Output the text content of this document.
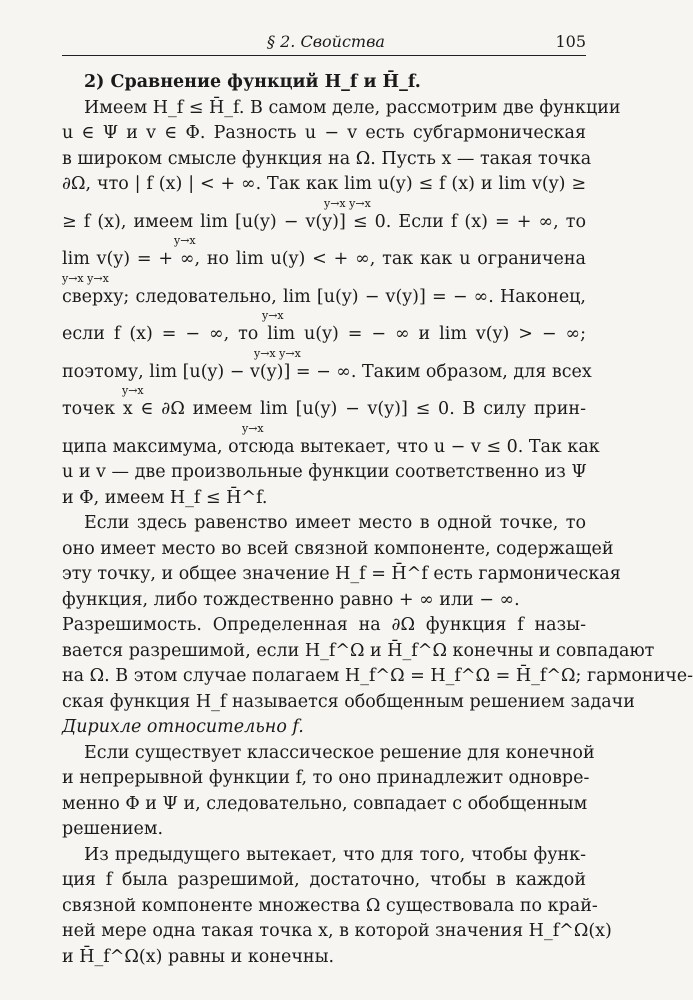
§ 2. Свойства	105
2) Сравнение функций H_f и H̄_f.
Имеем H_f ≤ H̄_f. В самом деле, рассмотрим две функции
u ∈ Ψ и v ∈ Φ. Разность u − v есть субгармоническая
в широком смысле функция на Ω. Пусть x — такая точка
∂Ω, что | f (x) | < + ∞. Так как lim u(y) ≤ f (x) и lim v(y) ≥
y→x y→x
≥ f (x), имеем lim [u(y) − v(y)] ≤ 0. Если f (x) = + ∞, то
y→x
lim v(y) = + ∞, но lim u(y) < + ∞, так как u ограничена
y→x y→x
сверху; следовательно, lim [u(y) − v(y)] = − ∞. Наконец,
y→x
если f (x) = − ∞, то lim u(y) = − ∞ и lim v(y) > − ∞;
y→x y→x
поэтому, lim [u(y) − v(y)] = − ∞. Таким образом, для всех
y→x
точек x ∈ ∂Ω имеем lim [u(y) − v(y)] ≤ 0. В силу прин-
y→x
ципа максимума, отсюда вытекает, что u − v ≤ 0. Так как
u и v — две произвольные функции соответственно из Ψ
и Φ, имеем H_f ≤ H̄^f.
Если здесь равенство имеет место в одной точке, то
оно имеет место во всей связной компоненте, содержащей
эту точку, и общее значение H_f = H̄^f есть гармоническая
функция, либо тождественно равно + ∞ или − ∞.
Разрешимость. Определенная на ∂Ω функция f назы-
вается разрешимой, если H_f^Ω и H̄_f^Ω конечны и совпадают
на Ω. В этом случае полагаем H_f^Ω = H_f^Ω = H̄_f^Ω; гармониче-
ская функция H_f называется обобщенным решением задачи
Дирихле относительно f.
Если существует классическое решение для конечной
и непрерывной функции f, то оно принадлежит одновре-
менно Φ и Ψ и, следовательно, совпадает с обобщенным
решением.
Из предыдущего вытекает, что для того, чтобы функ-
ция f была разрешимой, достаточно, чтобы в каждой
связной компоненте множества Ω существовала по край-
ней мере одна такая точка x, в которой значения H_f^Ω(x)
и H̄_f^Ω(x) равны и конечны.
